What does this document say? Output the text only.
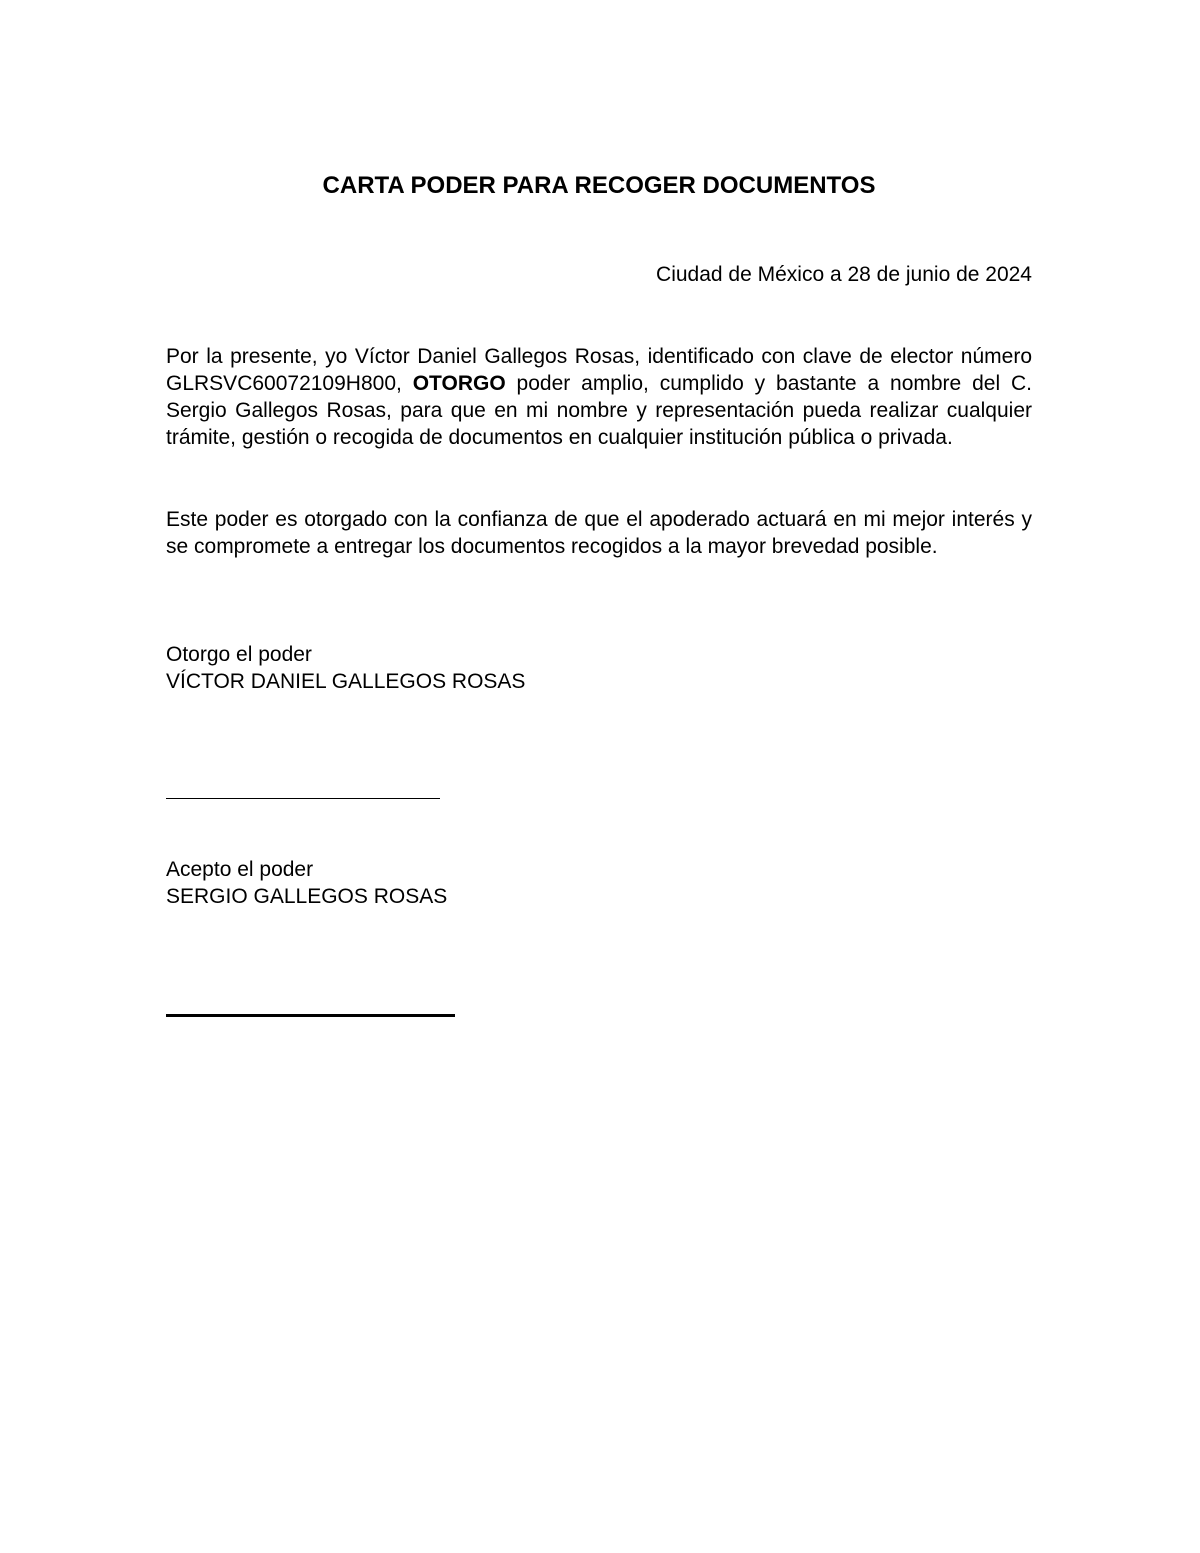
CARTA PODER PARA RECOGER DOCUMENTOS

Ciudad de México a 28 de junio de 2024

Por la presente, yo Víctor Daniel Gallegos Rosas, identificado con clave de elector número GLRSVC60072109H800, OTORGO poder amplio, cumplido y bastante a nombre del C. Sergio Gallegos Rosas, para que en mi nombre y representación pueda realizar cualquier trámite, gestión o recogida de documentos en cualquier institución pública o privada.

Este poder es otorgado con la confianza de que el apoderado actuará en mi mejor interés y se compromete a entregar los documentos recogidos a la mayor brevedad posible.

Otorgo el poder
VÍCTOR DANIEL GALLEGOS ROSAS
Acepto el poder
SERGIO GALLEGOS ROSAS
